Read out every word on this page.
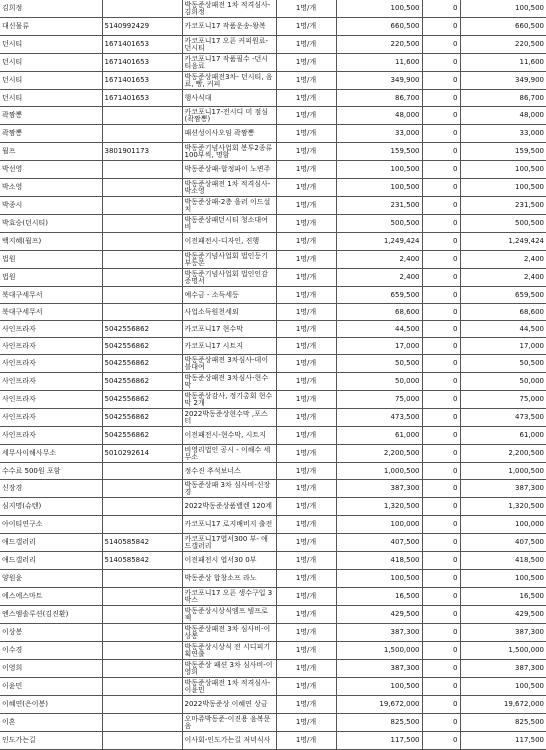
김희정		박동준상패전 1차 적격심사-김희정	1명/개	100,500	0	100,500
대신물류	5140992429	카코포니17 작품운송-왕복	1명/개	660,500	0	660,500
던시티	1671401653	카코포니17 오픈 커피원료-던시티	1명/개	220,500	0	220,500
던시티	1671401653	카코포니17 작품필수 -던시티음료	1명/개	11,600	0	11,600
던시티	1671401653	박동준상패전3차- 던시티, 음료, 빵, 커피	1명/개	349,900	0	349,900
던시티	1671401653	행사식대	1명/개	86,700	0	86,700
곽짬뽕		카코포니17-전시디 미 점심(곽짬뽕)	1명/개	48,000	0	48,000
곽짬뽕		패션성이사오임 곽짬뽕	1명/개	33,000	0	33,000
월프	3801901173	박동준기념사업회 봉투2종류 100부씩, 명함	1명/개	159,500	0	159,500
박선영		박동준상패-합정파이 노변주	1명/개	100,500	0	100,500
박소영		박동준상패전 1차 적격심사-박소영	1명/개	100,500	0	100,500
박종시		박동준상패-2층 을러 이드설치	1명/개	231,500	0	231,500
박효승(던시티)		박동준상패던시티 청소대여비	1명/개	500,500	0	500,500
백지혜(월프)		이전패전시-디자인, 진행	1명/개	1,249,424	0	1,249,424
법원		박동준기념사업회 법인등기부등본	1명/개	2,400	0	2,400
법원		박동준기념사업회 법인인감증명서	1명/개	2,400	0	2,400
북대구세무서		예수금 - 소득세등	1명/개	659,500	0	659,500
북대구세무서		사업소득원천세외	1명/개	68,600	0	68,600
사인프라자	5042556862	카코포니17 현수막	1명/개	44,500	0	44,500
사인프라자	5042556862	카코포니17 시트지	1명/개	17,000	0	17,000
사인프라자	5042556862	박동준상패전 3차심사-데이블대여	1명/개	50,500	0	50,500
사인프라자	5042556862	박동준상패전 3차심사-현수막	1명/개	50,000	0	50,000
사인프라자	5042556862	박동준상감사, 정기총회 현수막 2개	1명/개	75,000	0	75,000
사인프라자	5042556862	2022박동준상현수막 ,포스터	1명/개	473,500	0	473,500
사인프라자	5042556862	이전패전시-현수막, 시트지	1명/개	61,000	0	61,000
세무사이해사무소	5010292614	비영리법인 공시 - 이해수 세무소	1명/개	2,200,500	0	2,200,500
수수료 500원 포함		정수진 추석보너스	1명/개	1,000,500	0	1,000,500
신장경		박동준상패 3차 심사비-신장경	1명/개	387,300	0	387,300
심지명(슈텐)		2022박동준상품밸렌 120계	1명/개	1,320,500	0	1,320,500
아이티연구소		카코포니17 로지배비지 출전	1명/개	100,000	0	100,000
애드갤러리	5140585842	카코포니17엽서300 부- 애드갤러리	1명/개	407,500	0	407,500
애드갤러리	5140585842	이전패전시 엽서30 0부	1명/개	418,500	0	418,500
양원윤		박동준상 합창소프 라노	1명/개	100,500	0	100,500
에스에스마트		카코포니17 오픈 생수구입 3박스	1명/개	16,500	0	16,500
엔스엠솔루션(김진환)		박동준상시상식엠프 빔프로젝	1명/개	429,500	0	429,500
이상봉		박동준상패전 3차 심사비-이상봉	1명/개	387,300	0	387,300
이수경		박동준상시상식 전 시디피기획연출	1명/개	1,500,000	0	1,500,000
이영희		박동준상 패션 3차 심사비-이영희	1명/개	387,300	0	387,300
이윤민		박동준상패전 1차 적격심사-이윤민	1명/개	100,500	0	100,500
이혜연(은이봉)		2022박동준상 이혜연 상금	1명/개	19,672,000	0	19,672,000
이혼		오마쥬박동준-이진용 음복문음	1명/개	825,500	0	825,500
인도가는길		이사회-인도가는길 저녁식사	1명/개	117,500	0	117,500
